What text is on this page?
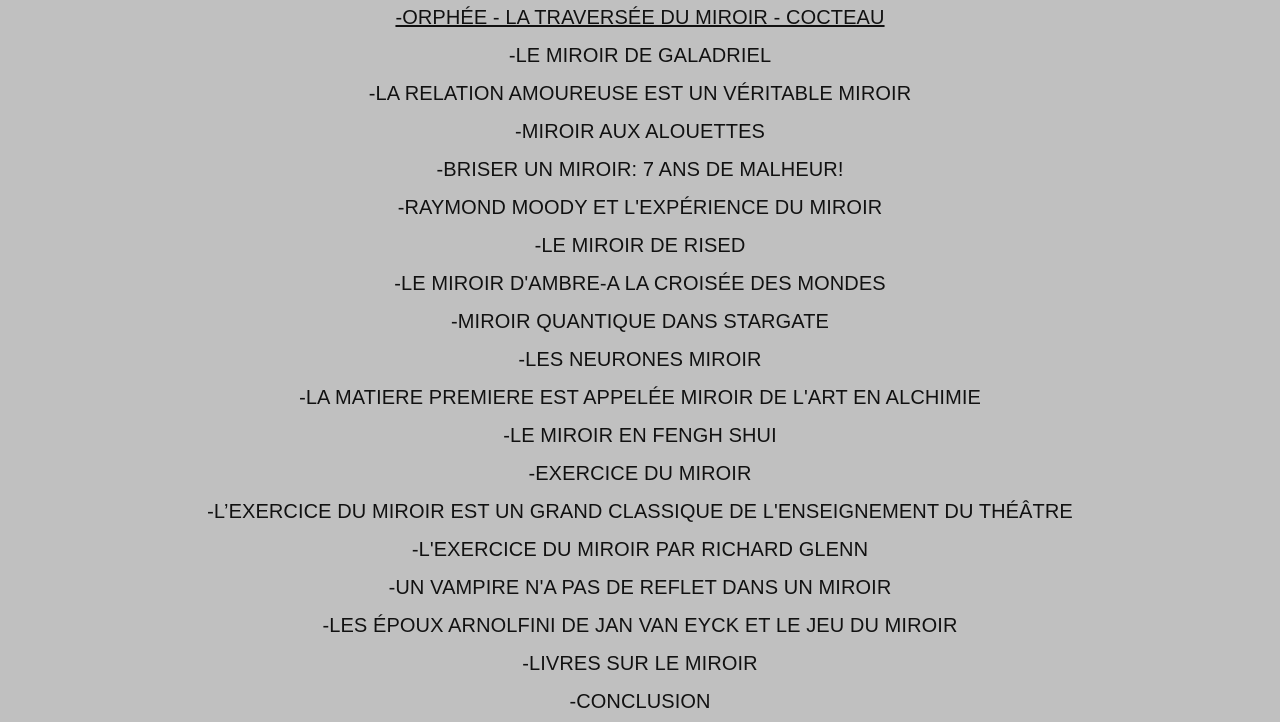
-ORPHÉE - LA TRAVERSÉE DU MIROIR - COCTEAU
-LE MIROIR DE GALADRIEL
-LA RELATION AMOUREUSE EST UN VÉRITABLE MIROIR
-MIROIR AUX ALOUETTES
-BRISER UN MIROIR: 7 ANS DE MALHEUR!
-RAYMOND MOODY ET L'EXPÉRIENCE DU MIROIR
-LE MIROIR DE RISED
-LE MIROIR D'AMBRE-A LA CROISÉE DES MONDES
-MIROIR QUANTIQUE DANS STARGATE
-LES NEURONES MIROIR
-LA MATIERE PREMIERE EST APPELÉE MIROIR DE L'ART EN ALCHIMIE
-LE MIROIR EN FENGH SHUI
-EXERCICE DU MIROIR
-L’EXERCICE DU MIROIR EST UN GRAND CLASSIQUE DE L'ENSEIGNEMENT DU THÉÂTRE
-L'EXERCICE DU MIROIR PAR RICHARD GLENN
-UN VAMPIRE N'A PAS DE REFLET DANS UN MIROIR
-LES ÉPOUX ARNOLFINI DE JAN VAN EYCK ET LE JEU DU MIROIR
-LIVRES SUR LE MIROIR
-CONCLUSION
